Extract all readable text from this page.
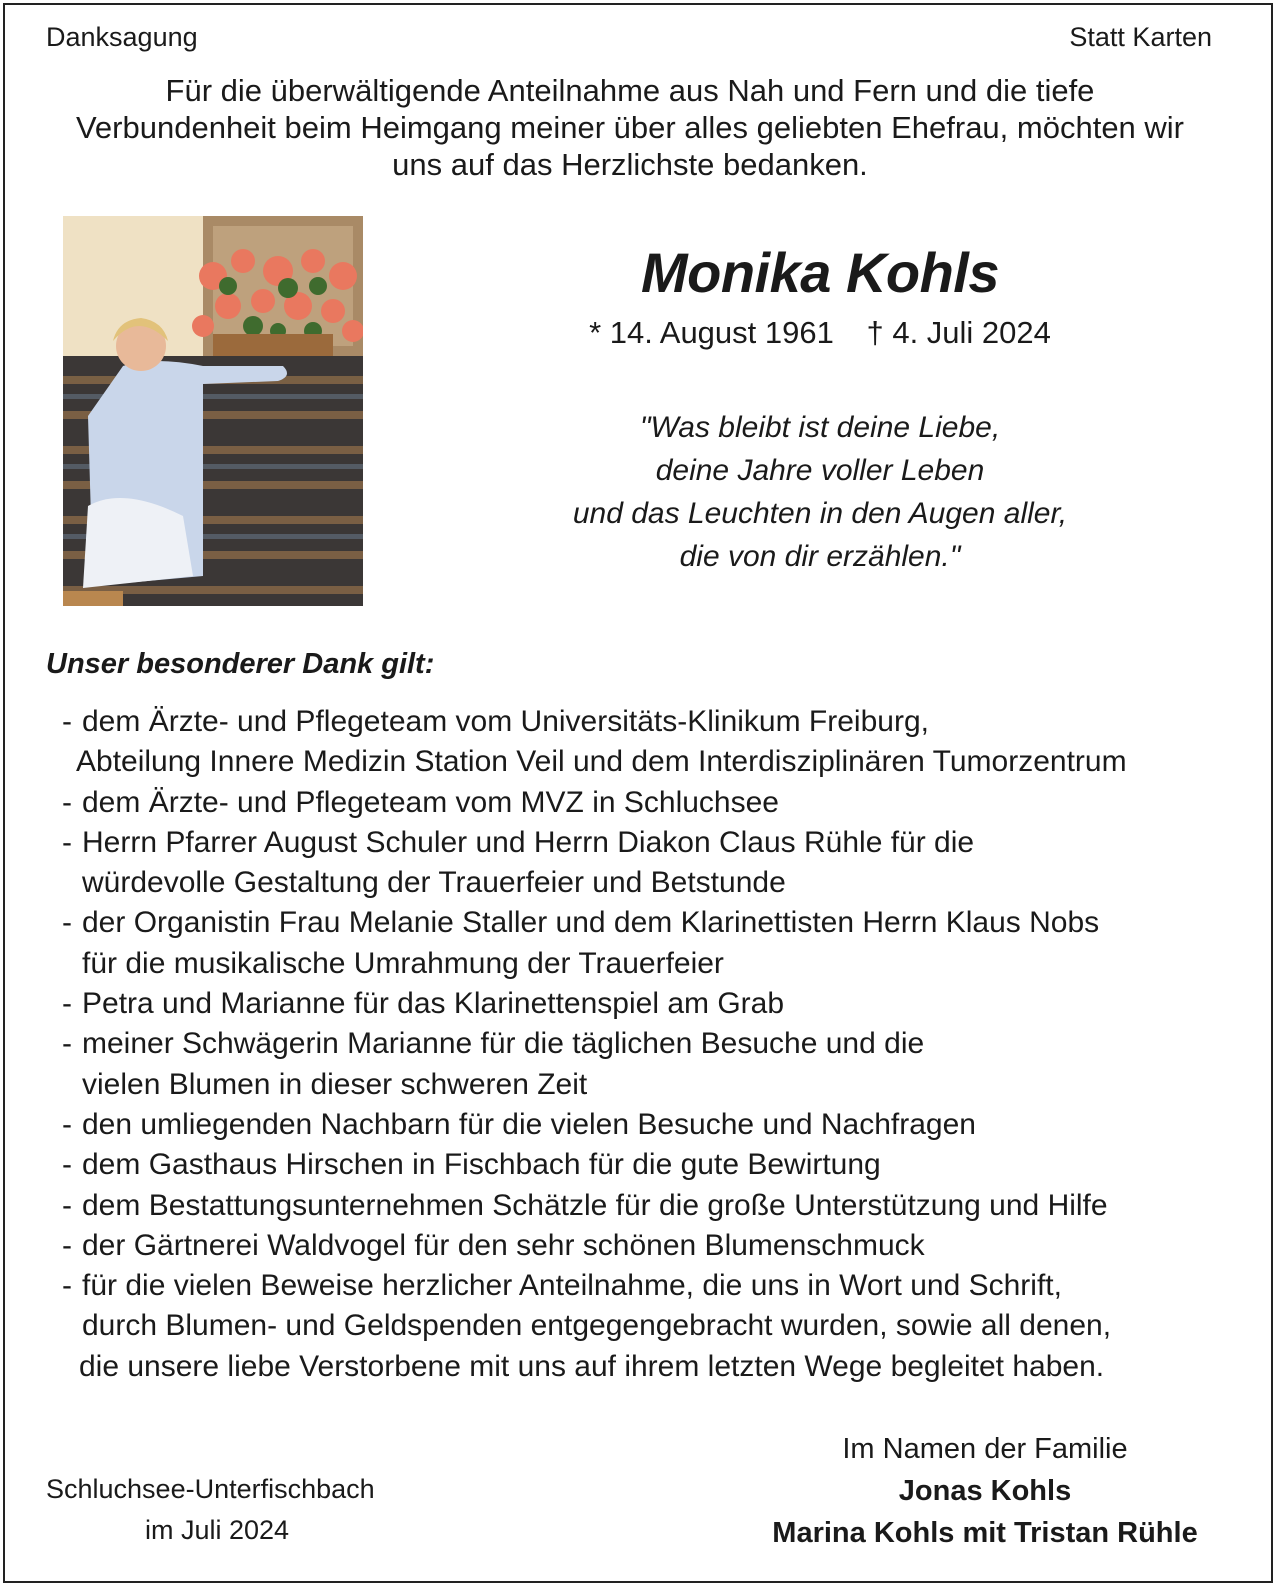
Danksagung	Statt Karten
Für die überwältigende Anteilnahme aus Nah und Fern und die tiefe
Verbundenheit beim Heimgang meiner über alles geliebten Ehefrau, möchten wir
uns auf das Herzlichste bedanken.
Monika Kohls
* 14. August 1961 † 4. Juli 2024
"Was bleibt ist deine Liebe,
deine Jahre voller Leben
und das Leuchten in den Augen aller,
die von dir erzählen."
Unser besonderer Dank gilt:
- dem Ärzte- und Pflegeteam vom Universitäts-Klinikum Freiburg,
Abteilung Innere Medizin Station Veil und dem Interdisziplinären Tumorzentrum
- dem Ärzte- und Pflegeteam vom MVZ in Schluchsee
- Herrn Pfarrer August Schuler und Herrn Diakon Claus Rühle für die
würdevolle Gestaltung der Trauerfeier und Betstunde
- der Organistin Frau Melanie Staller und dem Klarinettisten Herrn Klaus Nobs
für die musikalische Umrahmung der Trauerfeier
- Petra und Marianne für das Klarinettenspiel am Grab
- meiner Schwägerin Marianne für die täglichen Besuche und die
vielen Blumen in dieser schweren Zeit
- den umliegenden Nachbarn für die vielen Besuche und Nachfragen
- dem Gasthaus Hirschen in Fischbach für die gute Bewirtung
- dem Bestattungsunternehmen Schätzle für die große Unterstützung und Hilfe
- der Gärtnerei Waldvogel für den sehr schönen Blumenschmuck
- für die vielen Beweise herzlicher Anteilnahme, die uns in Wort und Schrift,
durch Blumen- und Geldspenden entgegengebracht wurden, sowie all denen,
die unsere liebe Verstorbene mit uns auf ihrem letzten Wege begleitet haben.
Schluchsee-Unterfischbach
im Juli 2024
Im Namen der Familie
Jonas Kohls
Marina Kohls mit Tristan Rühle
